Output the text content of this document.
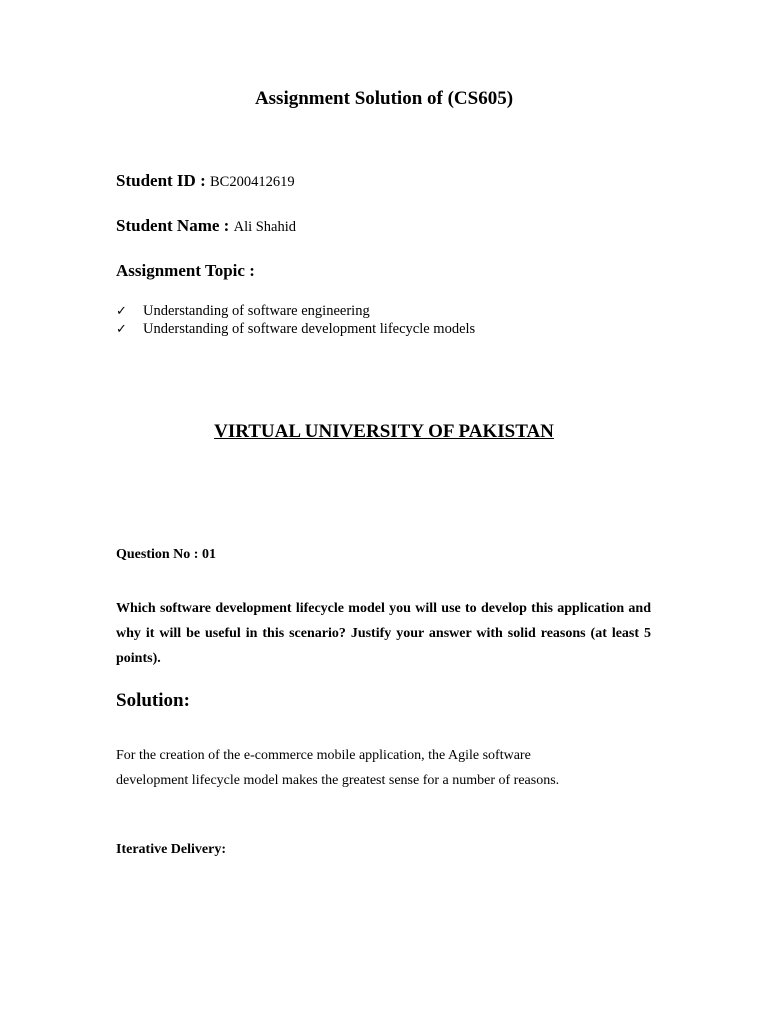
Assignment Solution of (CS605)

Student ID : BC200412619

Student Name : Ali Shahid

Assignment Topic :

✓ Understanding of software engineering
✓ Understanding of software development lifecycle models
VIRTUAL UNIVERSITY OF PAKISTAN

Question No : 01

Which software development lifecycle model you will use to develop this application and why it will be useful in this scenario? Justify your answer with solid reasons (at least 5 points).

Solution:
For the creation of the e-commerce mobile application, the Agile software
development lifecycle model makes the greatest sense for a number of reasons.

Iterative Delivery:
